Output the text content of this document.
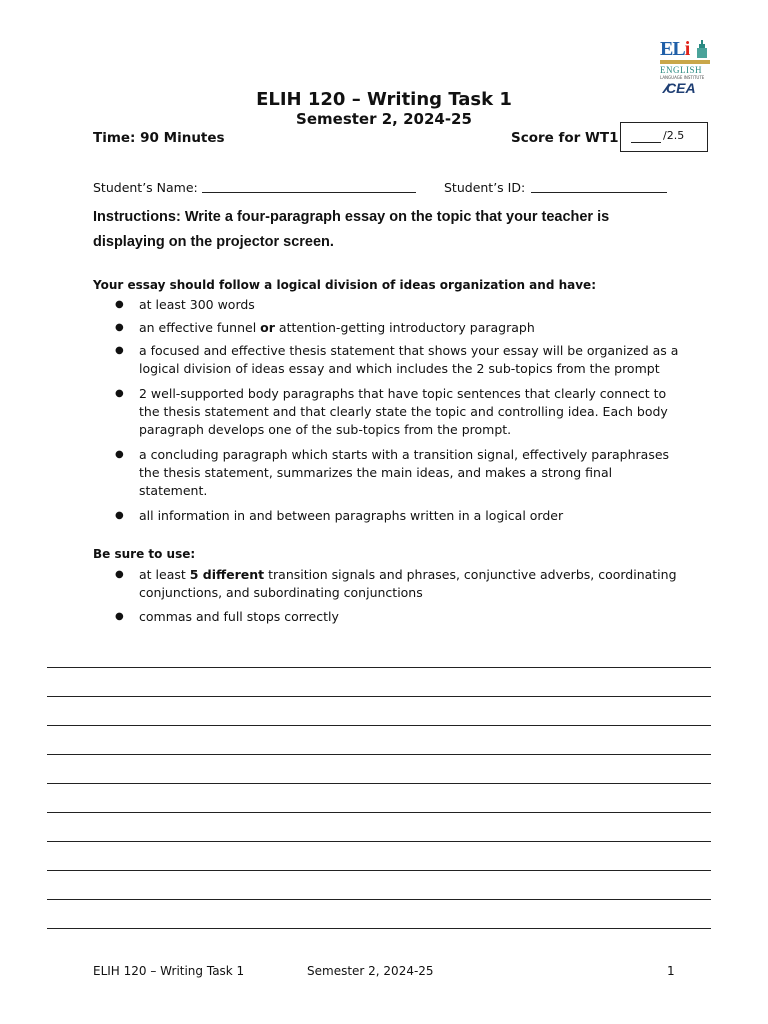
ELi
ENGLISH
LANGUAGE INSTITUTE
CEA
ELIH 120 – Writing Task 1
Semester 2, 2024-25
Time: 90 Minutes	Score for WT1	/2.5
Student’s Name:	Student’s ID:
Instructions: Write a four-paragraph essay on the topic that your teacher is displaying on the projector screen.
Your essay should follow a logical division of ideas organization and have:
● at least 300 words
● an effective funnel or attention-getting introductory paragraph
● a focused and effective thesis statement that shows your essay will be organized as a logical division of ideas essay and which includes the 2 sub-topics from the prompt
● 2 well-supported body paragraphs that have topic sentences that clearly connect to the thesis statement and that clearly state the topic and controlling idea. Each body paragraph develops one of the sub-topics from the prompt.
● a concluding paragraph which starts with a transition signal, effectively paraphrases the thesis statement, summarizes the main ideas, and makes a strong final statement.
● all information in and between paragraphs written in a logical order
Be sure to use:
● at least 5 different transition signals and phrases, conjunctive adverbs, coordinating conjunctions, and subordinating conjunctions
● commas and full stops correctly
ELIH 120 – Writing Task 1	Semester 2, 2024-25	1
